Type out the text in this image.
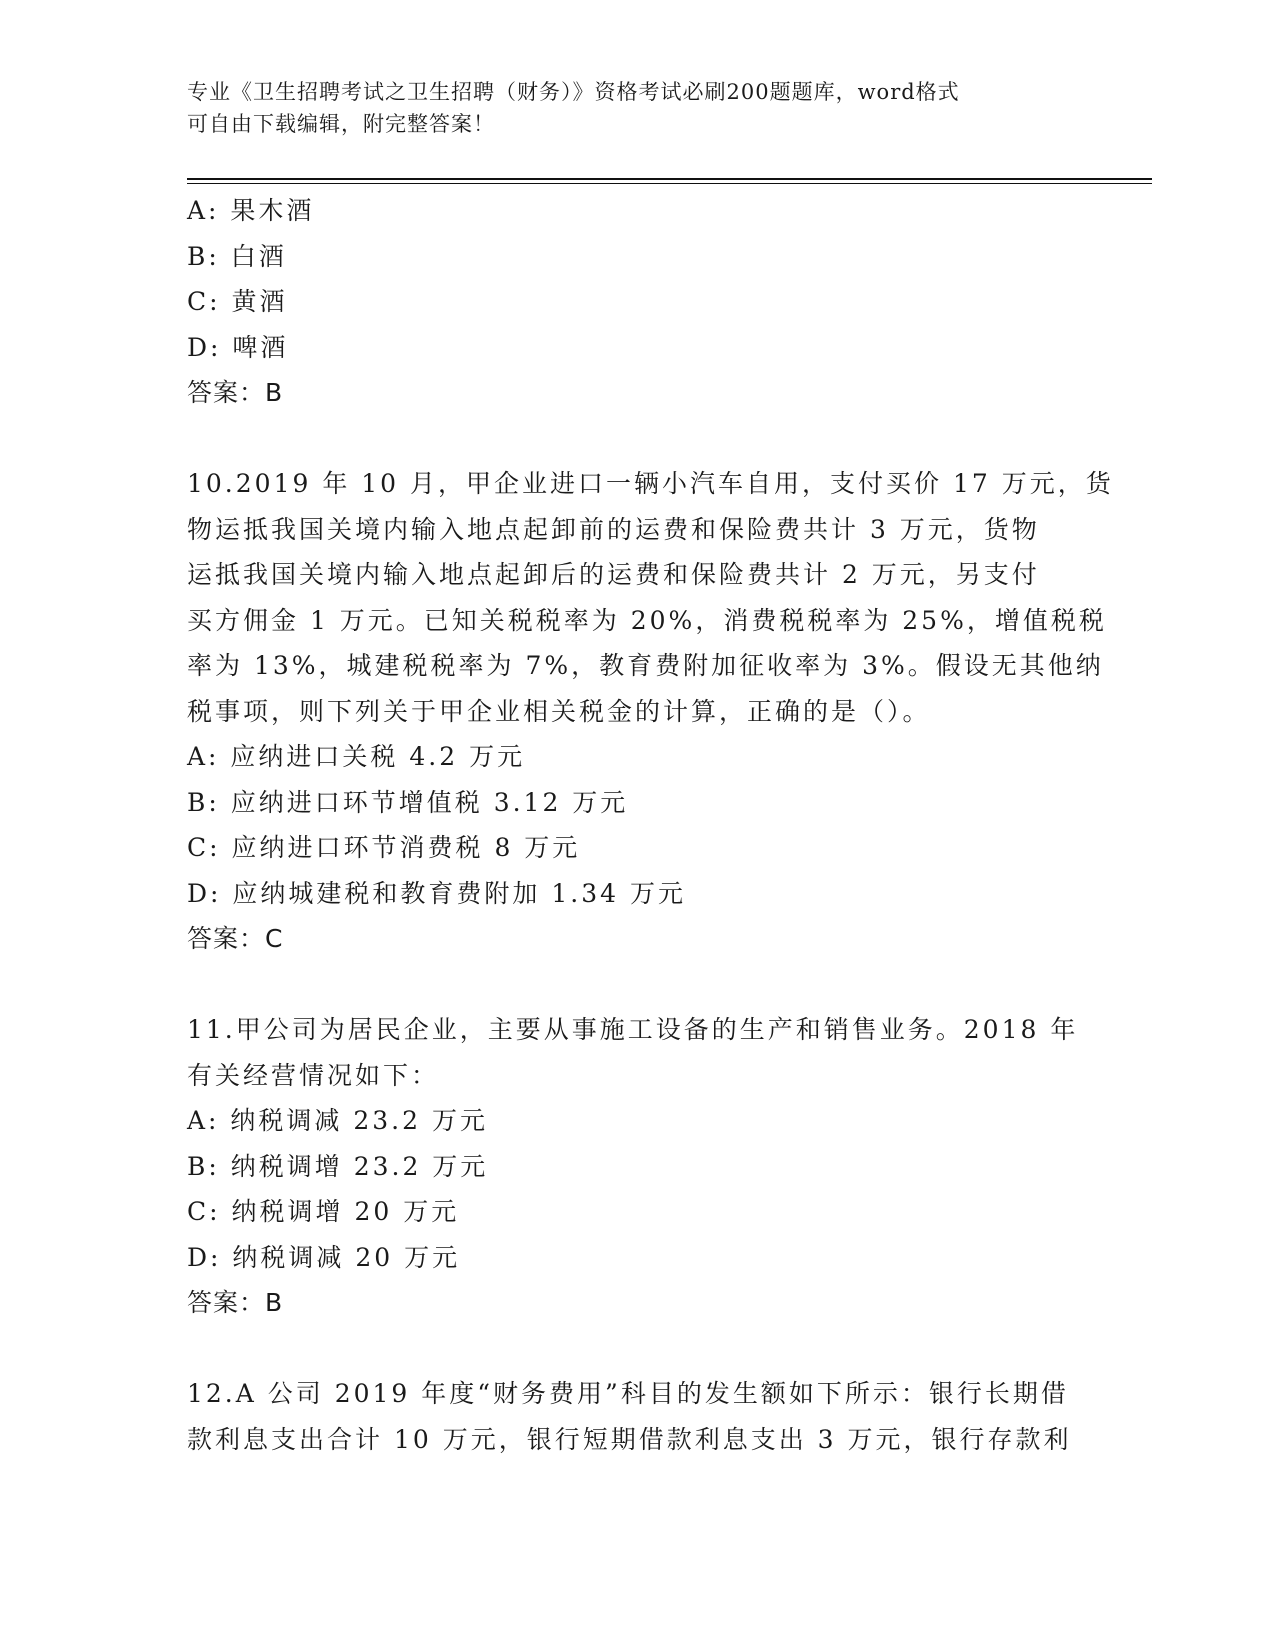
专业《卫生招聘考试之卫生招聘（财务）》资格考试必刷200题题库，word格式
可自由下载编辑，附完整答案！
A: 果木酒
B: 白酒
C: 黄酒
D: 啤酒
答案：B
10.2019 年 10 月，甲企业进口一辆小汽车自用，支付买价 17 万元，货
物运抵我国关境内输入地点起卸前的运费和保险费共计 3 万元，货物
运抵我国关境内输入地点起卸后的运费和保险费共计 2 万元，另支付
买方佣金 1 万元。已知关税税率为 20%，消费税税率为 25%，增值税税
率为 13%，城建税税率为 7%，教育费附加征收率为 3%。假设无其他纳
税事项，则下列关于甲企业相关税金的计算，正确的是（）。
A: 应纳进口关税 4.2 万元
B: 应纳进口环节增值税 3.12 万元
C: 应纳进口环节消费税 8 万元
D: 应纳城建税和教育费附加 1.34 万元
答案：C
11.甲公司为居民企业，主要从事施工设备的生产和销售业务。2018 年
有关经营情况如下：
A: 纳税调减 23.2 万元
B: 纳税调增 23.2 万元
C: 纳税调增 20 万元
D: 纳税调减 20 万元
答案：B
12.A 公司 2019 年度“财务费用”科目的发生额如下所示：银行长期借
款利息支出合计 10 万元，银行短期借款利息支出 3 万元，银行存款利
